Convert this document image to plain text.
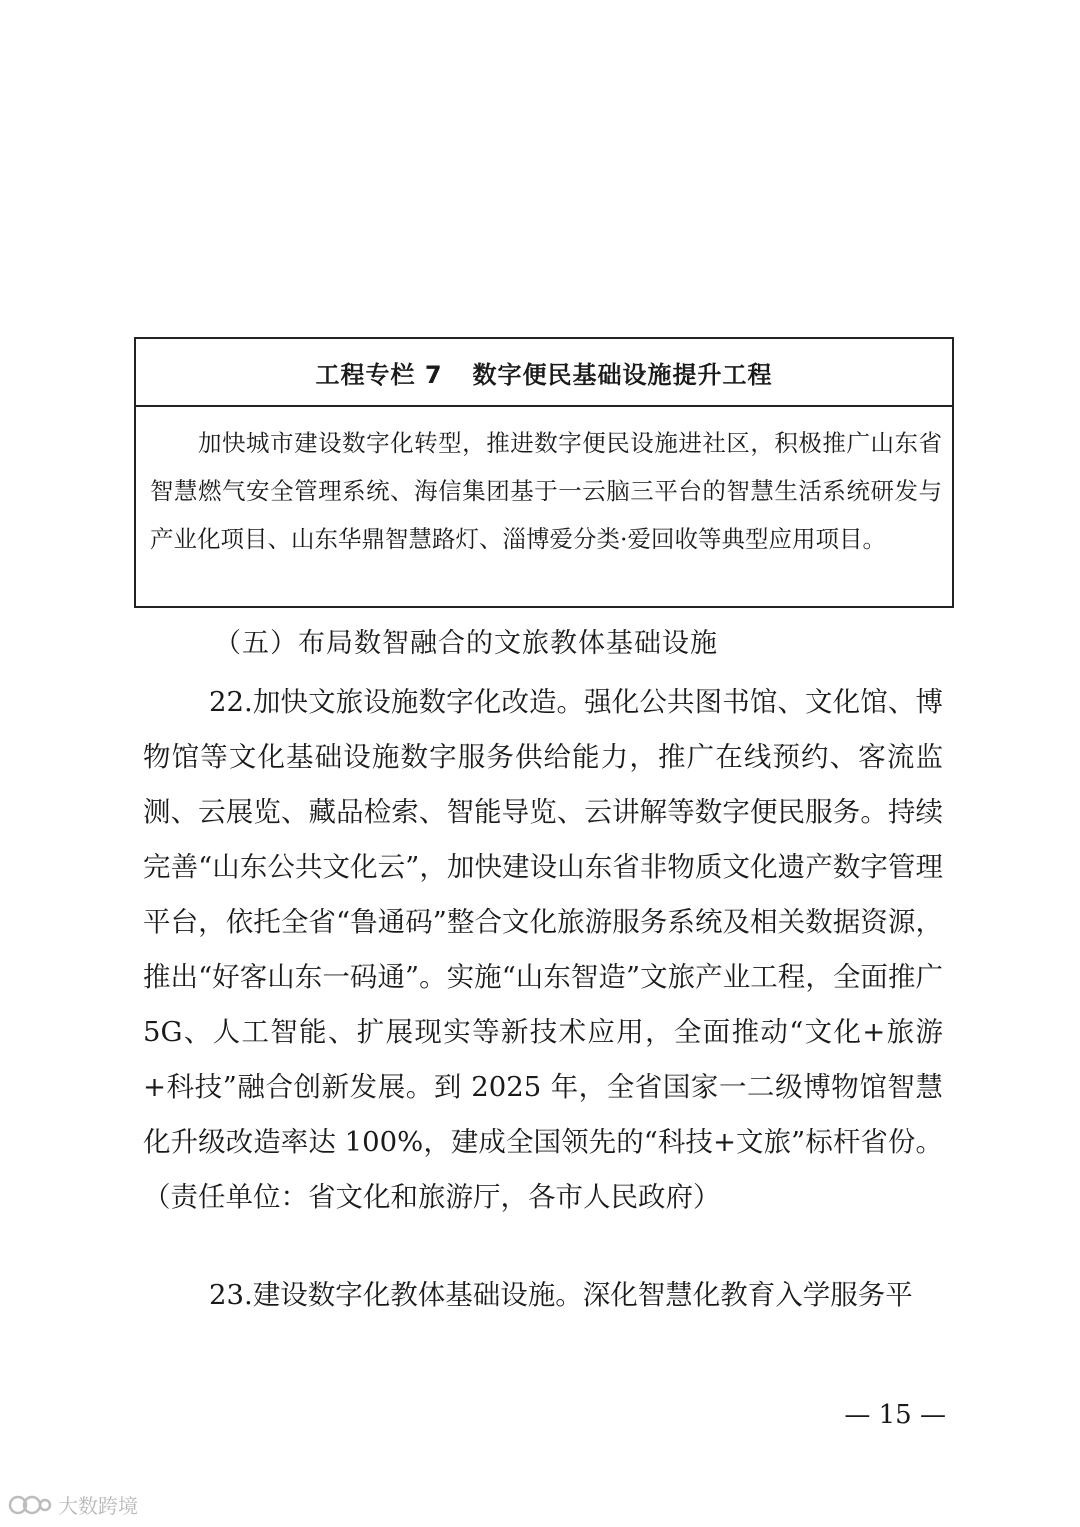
工程专栏 7 数字便民基础设施提升工程
加快城市建设数字化转型，推进数字便民设施进社区，积极推广山东省智慧燃气安全管理系统、海信集团基于一云脑三平台的智慧生活系统研发与产业化项目、山东华鼎智慧路灯、淄博爱分类·爱回收等典型应用项目。
（五）布局数智融合的文旅教体基础设施

22.加快文旅设施数字化改造。强化公共图书馆、文化馆、博物馆等文化基础设施数字服务供给能力，推广在线预约、客流监测、云展览、藏品检索、智能导览、云讲解等数字便民服务。持续完善“山东公共文化云”，加快建设山东省非物质文化遗产数字管理平台，依托全省“鲁通码”整合文化旅游服务系统及相关数据资源，推出“好客山东一码通”。实施“山东智造”文旅产业工程，全面推广 5G、人工智能、扩展现实等新技术应用，全面推动“文化+旅游+科技”融合创新发展。到 2025 年，全省国家一二级博物馆智慧化升级改造率达 100%，建成全国领先的“科技+文旅”标杆省份。（责任单位：省文化和旅游厅，各市人民政府）

23.建设数字化教体基础设施。深化智慧化教育入学服务平

— 15 —
大数跨境
